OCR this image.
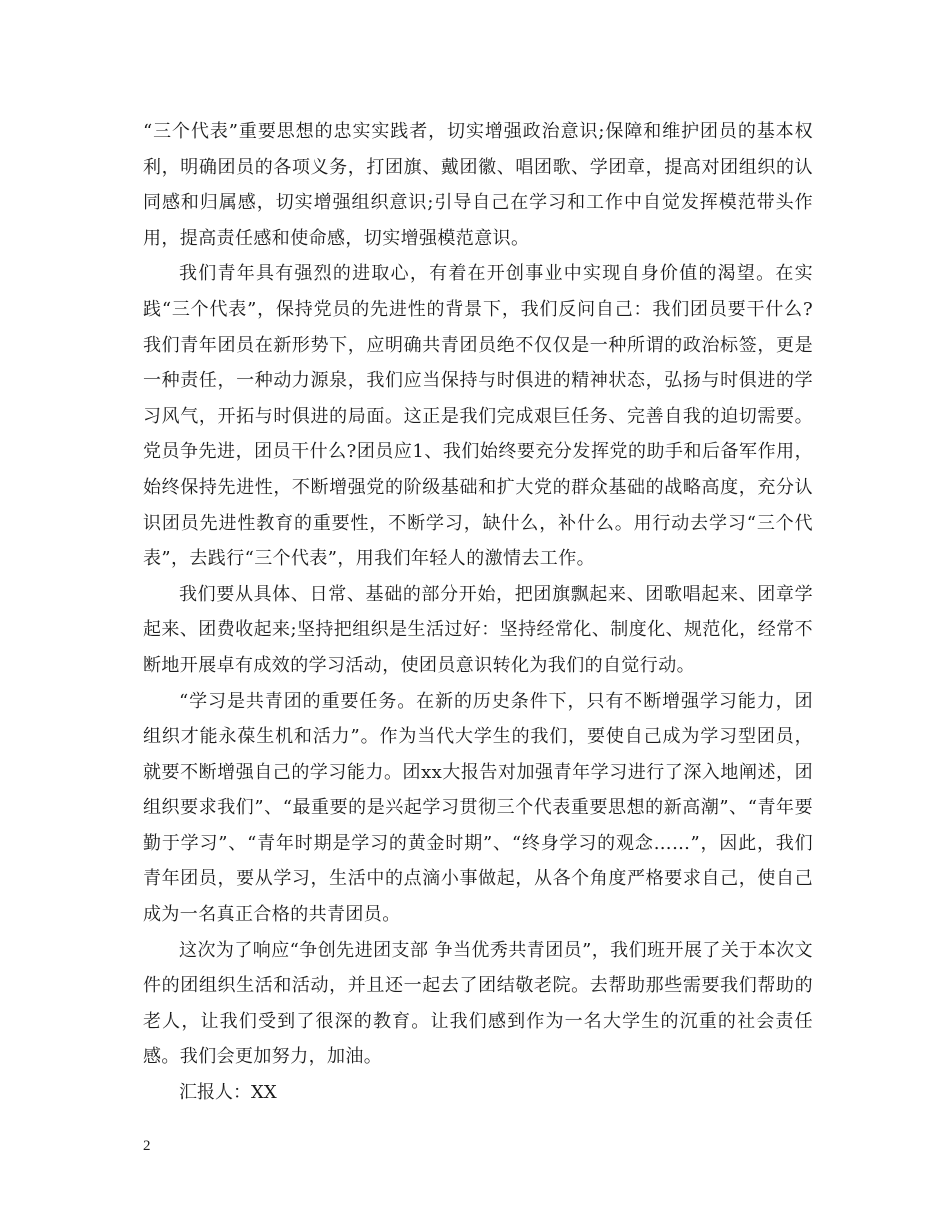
“三个代表”重要思想的忠实实践者，切实增强政治意识;保障和维护团员的基本权利，明确团员的各项义务，打团旗、戴团徽、唱团歌、学团章，提高对团组织的认同感和归属感，切实增强组织意识;引导自己在学习和工作中自觉发挥模范带头作用，提高责任感和使命感，切实增强模范意识。

我们青年具有强烈的进取心，有着在开创事业中实现自身价值的渴望。在实践“三个代表”，保持党员的先进性的背景下，我们反问自己：我们团员要干什么?我们青年团员在新形势下，应明确共青团员绝不仅仅是一种所谓的政治标签，更是一种责任，一种动力源泉，我们应当保持与时俱进的精神状态，弘扬与时俱进的学习风气，开拓与时俱进的局面。这正是我们完成艰巨任务、完善自我的迫切需要。党员争先进，团员干什么?团员应1、我们始终要充分发挥党的助手和后备军作用，始终保持先进性，不断增强党的阶级基础和扩大党的群众基础的战略高度，充分认识团员先进性教育的重要性，不断学习，缺什么，补什么。用行动去学习“三个代表”，去践行“三个代表”，用我们年轻人的激情去工作。

我们要从具体、日常、基础的部分开始，把团旗飘起来、团歌唱起来、团章学起来、团费收起来;坚持把组织是生活过好：坚持经常化、制度化、规范化，经常不断地开展卓有成效的学习活动，使团员意识转化为我们的自觉行动。

“学习是共青团的重要任务。在新的历史条件下，只有不断增强学习能力，团组织才能永葆生机和活力”。作为当代大学生的我们，要使自己成为学习型团员，就要不断增强自己的学习能力。团xx大报告对加强青年学习进行了深入地阐述，团组织要求我们”、“最重要的是兴起学习贯彻三个代表重要思想的新高潮”、“青年要勤于学习”、“青年时期是学习的黄金时期”、“终身学习的观念……”，因此，我们青年团员，要从学习，生活中的点滴小事做起，从各个角度严格要求自己，使自己成为一名真正合格的共青团员。

这次为了响应“争创先进团支部 争当优秀共青团员”，我们班开展了关于本次文件的团组织生活和活动，并且还一起去了团结敬老院。去帮助那些需要我们帮助的老人，让我们受到了很深的教育。让我们感到作为一名大学生的沉重的社会责任感。我们会更加努力，加油。

汇报人：XX

2
